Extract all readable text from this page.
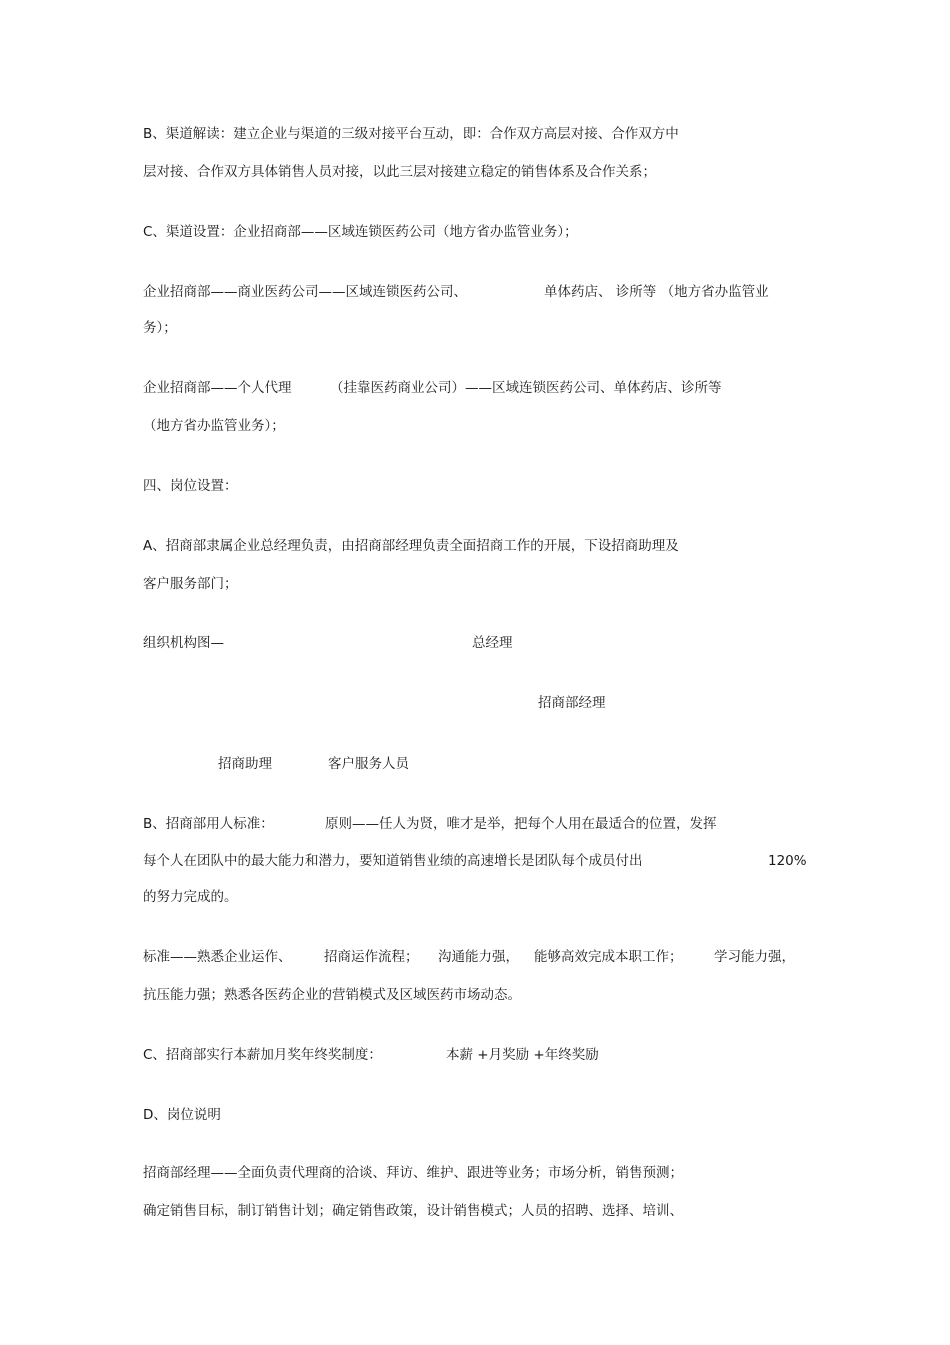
B、渠道解读：建立企业与渠道的三级对接平台互动，即：合作双方高层对接、合作双方中
层对接、合作双方具体销售人员对接，以此三层对接建立稳定的销售体系及合作关系；
C、渠道设置：企业招商部——区域连锁医药公司（地方省办监管业务）；
企业招商部——商业医药公司——区域连锁医药公司、	单体药店、 诊所等 （地方省办监管业
务）；
企业招商部——个人代理	（挂靠医药商业公司）——区域连锁医药公司、单体药店、诊所等
（地方省办监管业务）；
四、岗位设置：
A、招商部隶属企业总经理负责，由招商部经理负责全面招商工作的开展，下设招商助理及
客户服务部门；
组织机构图—	总经理
招商部经理
招商助理	客户服务人员
B、招商部用人标准：	原则——任人为贤，唯才是举，把每个人用在最适合的位置，发挥
每个人在团队中的最大能力和潜力，要知道销售业绩的高速增长是团队每个成员付出	120%
的努力完成的。
标准——熟悉企业运作、 招商运作流程； 沟通能力强， 能够高效完成本职工作； 学习能力强，
抗压能力强；熟悉各医药企业的营销模式及区域医药市场动态。
C、招商部实行本薪加月奖年终奖制度：	本薪 +月奖励 +年终奖励
D、岗位说明
招商部经理——全面负责代理商的洽谈、拜访、维护、跟进等业务；市场分析，销售预测；
确定销售目标，制订销售计划；确定销售政策，设计销售模式；人员的招聘、选择、培训、
